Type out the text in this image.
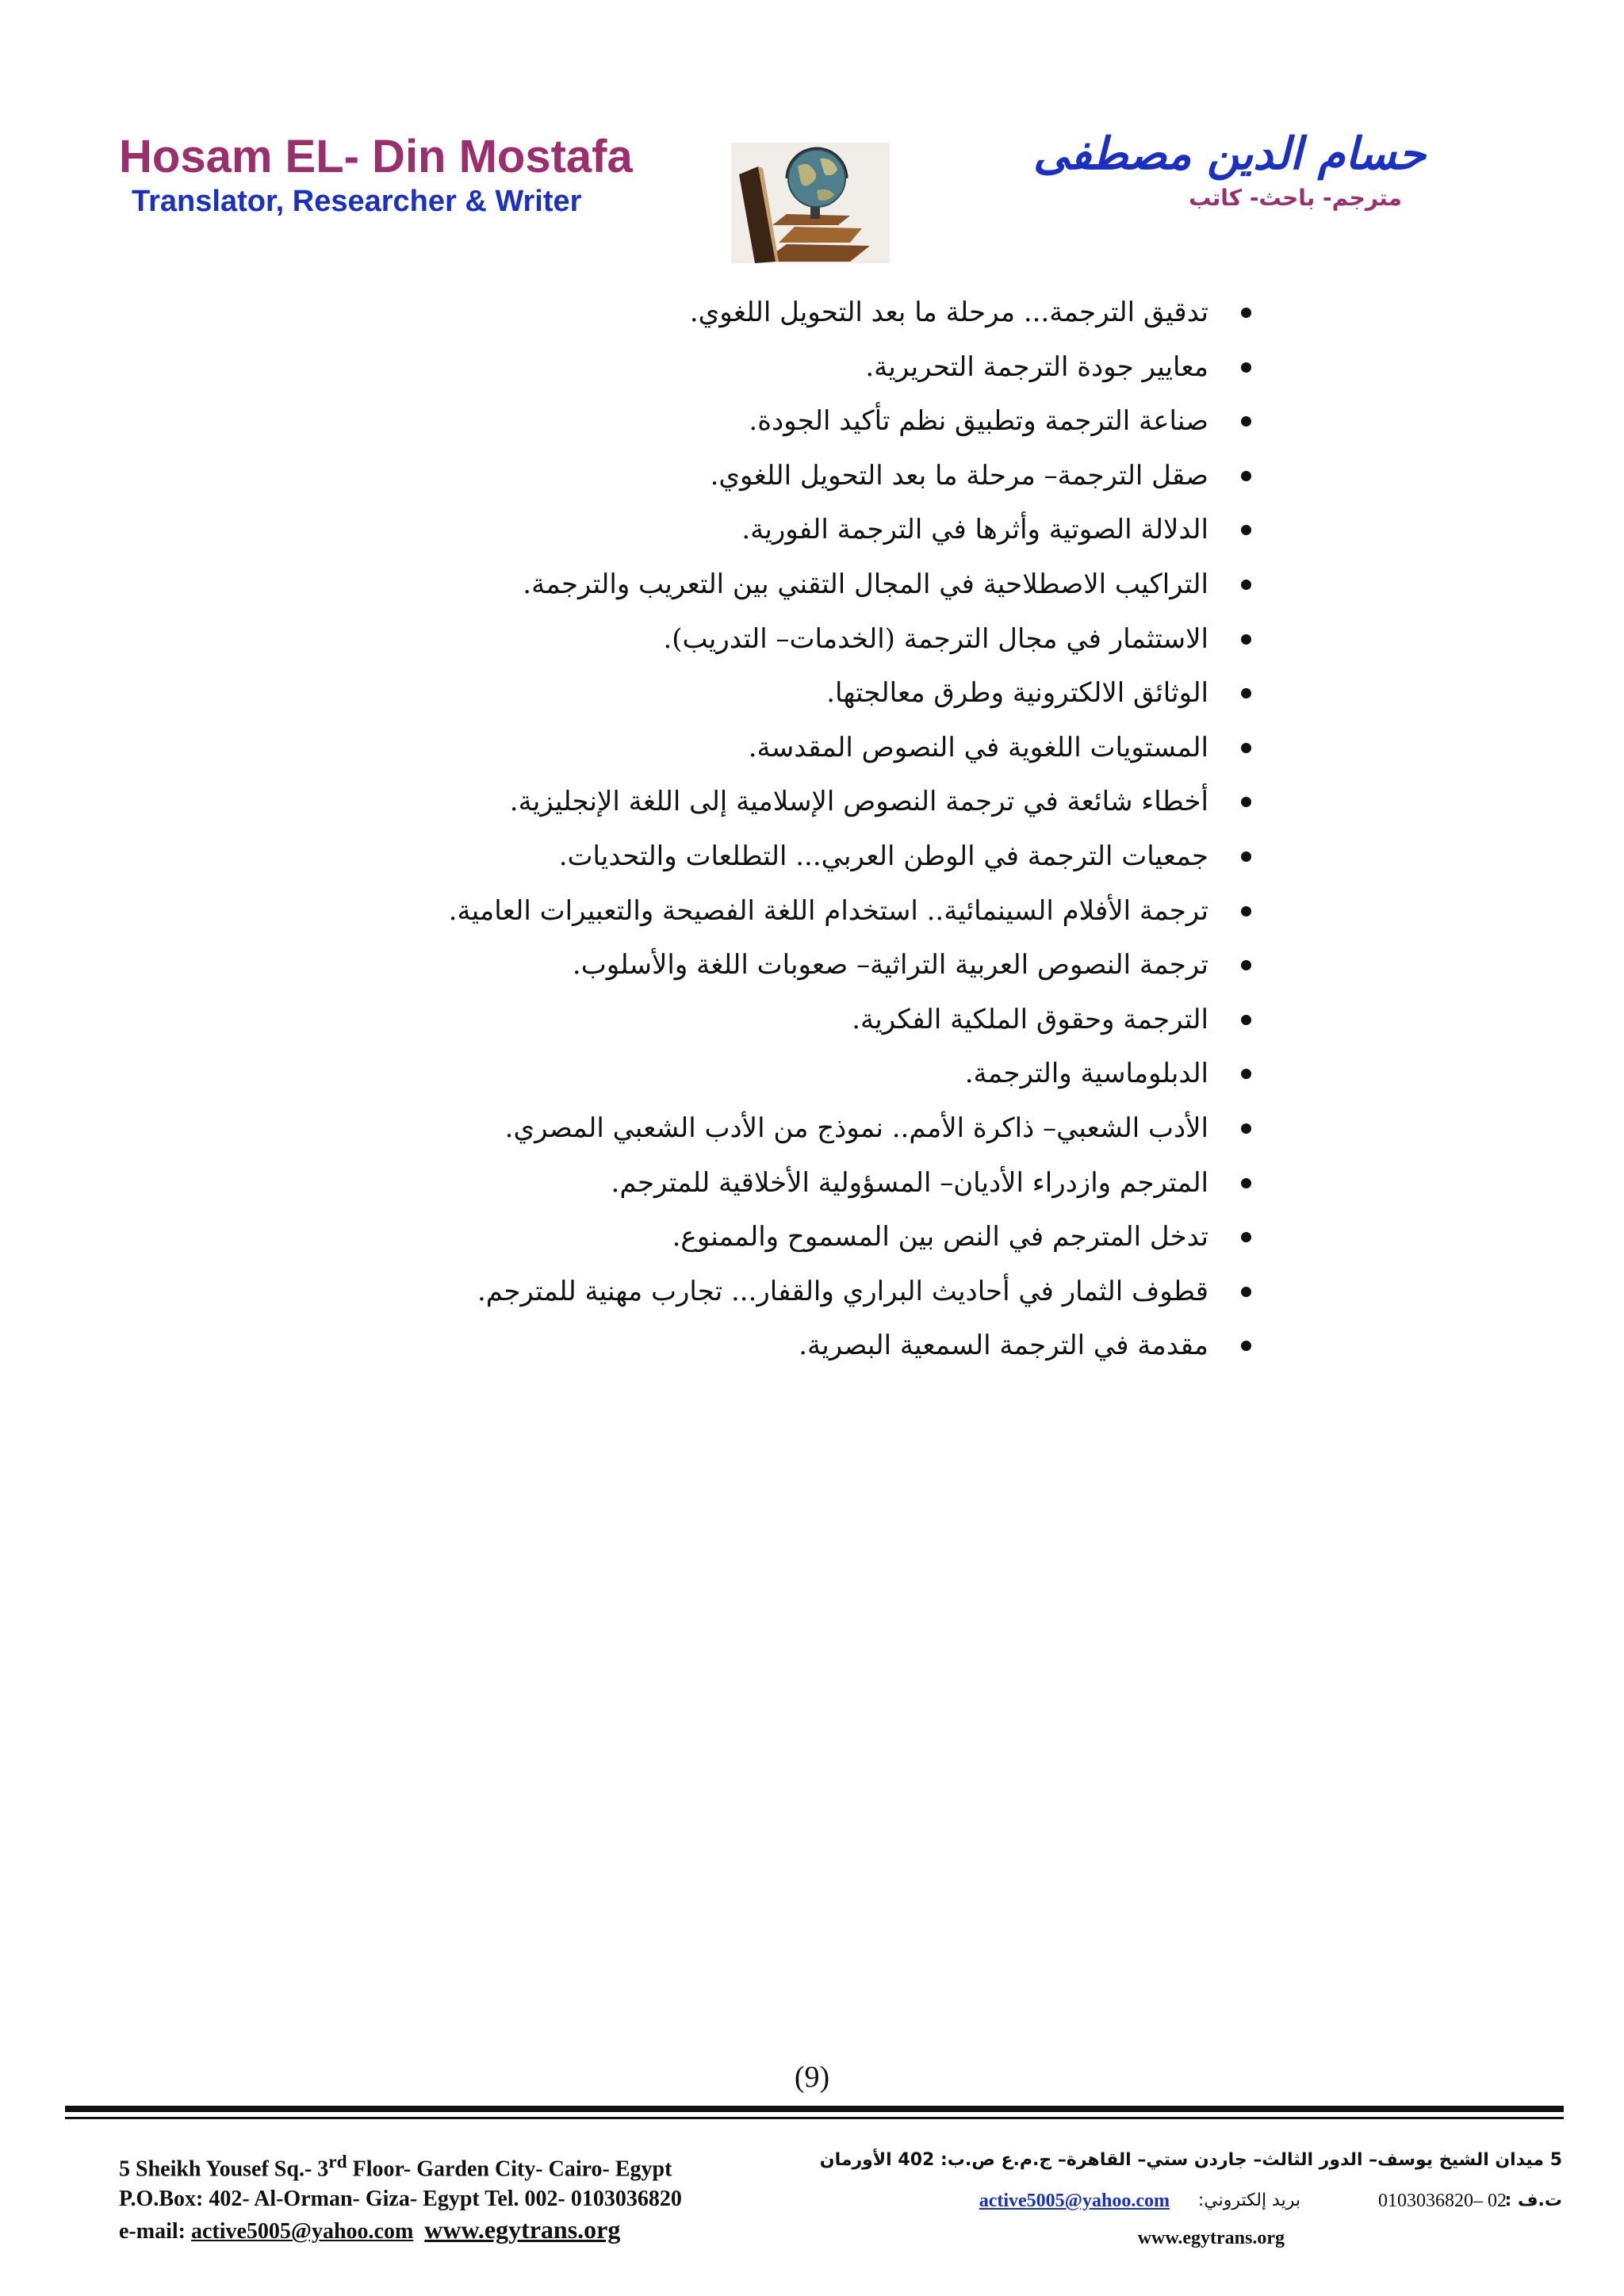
Hosam EL- Din Mostafa
Translator, Researcher & Writer
حسام الدين مصطفى
مترجم- باحث- كاتب
تدقيق الترجمة... مرحلة ما بعد التحويل اللغوي.
معايير جودة الترجمة التحريرية.
صناعة الترجمة وتطبيق نظم تأكيد الجودة.
صقل الترجمة– مرحلة ما بعد التحويل اللغوي.
الدلالة الصوتية وأثرها في الترجمة الفورية.
التراكيب الاصطلاحية في المجال التقني بين التعريب والترجمة.
الاستثمار في مجال الترجمة (الخدمات– التدريب).
الوثائق الالكترونية وطرق معالجتها.
المستويات اللغوية في النصوص المقدسة.
أخطاء شائعة في ترجمة النصوص الإسلامية إلى اللغة الإنجليزية.
جمعيات الترجمة في الوطن العربي... التطلعات والتحديات.
ترجمة الأفلام السينمائية.. استخدام اللغة الفصيحة والتعبيرات العامية.
ترجمة النصوص العربية التراثية– صعوبات اللغة والأسلوب.
الترجمة وحقوق الملكية الفكرية.
الدبلوماسية والترجمة.
الأدب الشعبي– ذاكرة الأمم.. نموذج من الأدب الشعبي المصري.
المترجم وازدراء الأديان– المسؤولية الأخلاقية للمترجم.
تدخل المترجم في النص بين المسموح والممنوع.
قطوف الثمار في أحاديث البراري والقفار... تجارب مهنية للمترجم.
مقدمة في الترجمة السمعية البصرية.
(9)
5 Sheikh Yousef Sq.- 3rd Floor- Garden City- Cairo- Egypt
P.O.Box: 402- Al-Orman- Giza- Egypt Tel. 002- 0103036820
e-mail: active5005@yahoo.com www.egytrans.org
5 ميدان الشيخ يوسف– الدور الثالث– جاردن ستي– القاهرة– ج.م.ع ص.ب: 402 الأورمان
ت.ف :
0103036820– 02
بريد إلكتروني:
active5005@yahoo.com
www.egytrans.org
